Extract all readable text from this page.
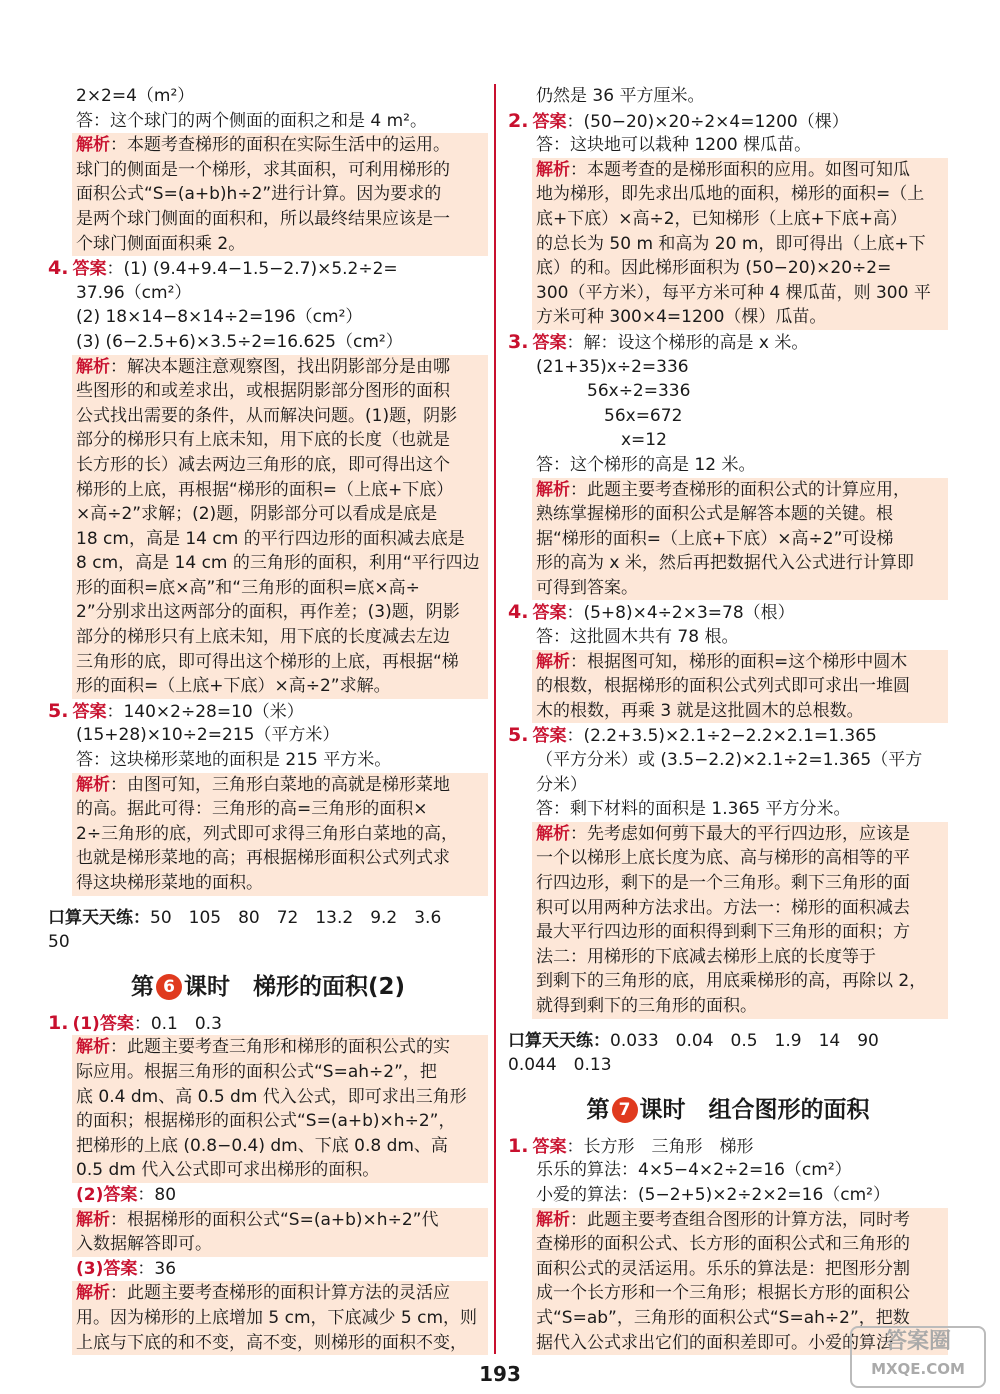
2×2=4（m²）
答：这个球门的两个侧面的面积之和是 4 m²。
解析：本题考查梯形的面积在实际生活中的运用。
球门的侧面是一个梯形，求其面积，可利用梯形的
面积公式“S=(a+b)h÷2”进行计算。因为要求的
是两个球门侧面的面积和，所以最终结果应该是一
个球门侧面面积乘 2。
4. 答案：(1) (9.4+9.4−1.5−2.7)×5.2÷2=
37.96（cm²）
(2) 18×14−8×14÷2=196（cm²）
(3) (6−2.5+6)×3.5÷2=16.625（cm²）
解析：解决本题注意观察图，找出阴影部分是由哪
些图形的和或差求出，或根据阴影部分图形的面积
公式找出需要的条件，从而解决问题。(1)题，阴影
部分的梯形只有上底未知，用下底的长度（也就是
长方形的长）减去两边三角形的底，即可得出这个
梯形的上底，再根据“梯形的面积=（上底+下底）
×高÷2”求解；(2)题，阴影部分可以看成是底是
18 cm，高是 14 cm 的平行四边形的面积减去底是
8 cm，高是 14 cm 的三角形的面积，利用“平行四边
形的面积=底×高”和“三角形的面积=底×高÷
2”分别求出这两部分的面积，再作差；(3)题，阴影
部分的梯形只有上底未知，用下底的长度减去左边
三角形的底，即可得出这个梯形的上底，再根据“梯
形的面积=（上底+下底）×高÷2”求解。
5. 答案：140×2÷28=10（米）
(15+28)×10÷2=215（平方米）
答：这块梯形菜地的面积是 215 平方米。
解析：由图可知，三角形白菜地的高就是梯形菜地
的高。据此可得：三角形的高=三角形的面积×
2÷三角形的底，列式即可求得三角形白菜地的高，
也就是梯形菜地的高；再根据梯形面积公式列式求
得这块梯形菜地的面积。
口算天天练：50　105　80　72　13.2　9.2　3.6
50
第 6 课时　梯形的面积(2)
1. (1)答案：0.1　0.3
解析：此题主要考查三角形和梯形的面积公式的实
际应用。根据三角形的面积公式“S=ah÷2”，把
底 0.4 dm、高 0.5 dm 代入公式，即可求出三角形
的面积；根据梯形的面积公式“S=(a+b)×h÷2”，
把梯形的上底 (0.8−0.4) dm、下底 0.8 dm、高
0.5 dm 代入公式即可求出梯形的面积。
(2)答案：80
解析：根据梯形的面积公式“S=(a+b)×h÷2”代
入数据解答即可。
(3)答案：36
解析：此题主要考查梯形的面积计算方法的灵活应
用。因为梯形的上底增加 5 cm，下底减少 5 cm，则
上底与下底的和不变，高不变，则梯形的面积不变，
仍然是 36 平方厘米。
2. 答案：(50−20)×20÷2×4=1200（棵）
答：这块地可以栽种 1200 棵瓜苗。
解析：本题考查的是梯形面积的应用。如图可知瓜
地为梯形，即先求出瓜地的面积，梯形的面积=（上
底+下底）×高÷2，已知梯形（上底+下底+高）
的总长为 50 m 和高为 20 m，即可得出（上底+下
底）的和。因此梯形面积为 (50−20)×20÷2=
300（平方米），每平方米可种 4 棵瓜苗，则 300 平
方米可种 300×4=1200（棵）瓜苗。
3. 答案：解：设这个梯形的高是 x 米。
(21+35)x÷2=336
　　　56x÷2=336
　　　　56x=672
　　　　　x=12
答：这个梯形的高是 12 米。
解析：此题主要考查梯形的面积公式的计算应用，
熟练掌握梯形的面积公式是解答本题的关键。根
据“梯形的面积=（上底+下底）×高÷2”可设梯
形的高为 x 米，然后再把数据代入公式进行计算即
可得到答案。
4. 答案：(5+8)×4÷2×3=78（根）
答：这批圆木共有 78 根。
解析：根据图可知，梯形的面积=这个梯形中圆木
的根数，根据梯形的面积公式列式即可求出一堆圆
木的根数，再乘 3 就是这批圆木的总根数。
5. 答案：(2.2+3.5)×2.1÷2−2.2×2.1=1.365
（平方分米）或 (3.5−2.2)×2.1÷2=1.365（平方
分米）
答：剩下材料的面积是 1.365 平方分米。
解析：先考虑如何剪下最大的平行四边形，应该是
一个以梯形上底长度为底、高与梯形的高相等的平
行四边形，剩下的是一个三角形。剩下三角形的面
积可以用两种方法求出。方法一：梯形的面积减去
最大平行四边形的面积得到剩下三角形的面积；方
法二：用梯形的下底减去梯形上底的长度等于
到剩下的三角形的底，用底乘梯形的高，再除以 2，
就得到剩下的三角形的面积。
口算天天练：0.033　0.04　0.5　1.9　14　90
0.044　0.13
第 7 课时　组合图形的面积
1. 答案：长方形　三角形　梯形
乐乐的算法：4×5−4×2÷2=16（cm²）
小爱的算法：(5−2+5)×2÷2×2=16（cm²）
解析：此题主要考查组合图形的计算方法，同时考
查梯形的面积公式、长方形的面积公式和三角形的
面积公式的灵活运用。乐乐的算法是：把图形分割
成一个长方形和一个三角形；根据长方形的面积公
式“S=ab”，三角形的面积公式“S=ah÷2”，把数
据代入公式求出它们的面积差即可。小爱的算法
193
答案圈
MXQE.COM
